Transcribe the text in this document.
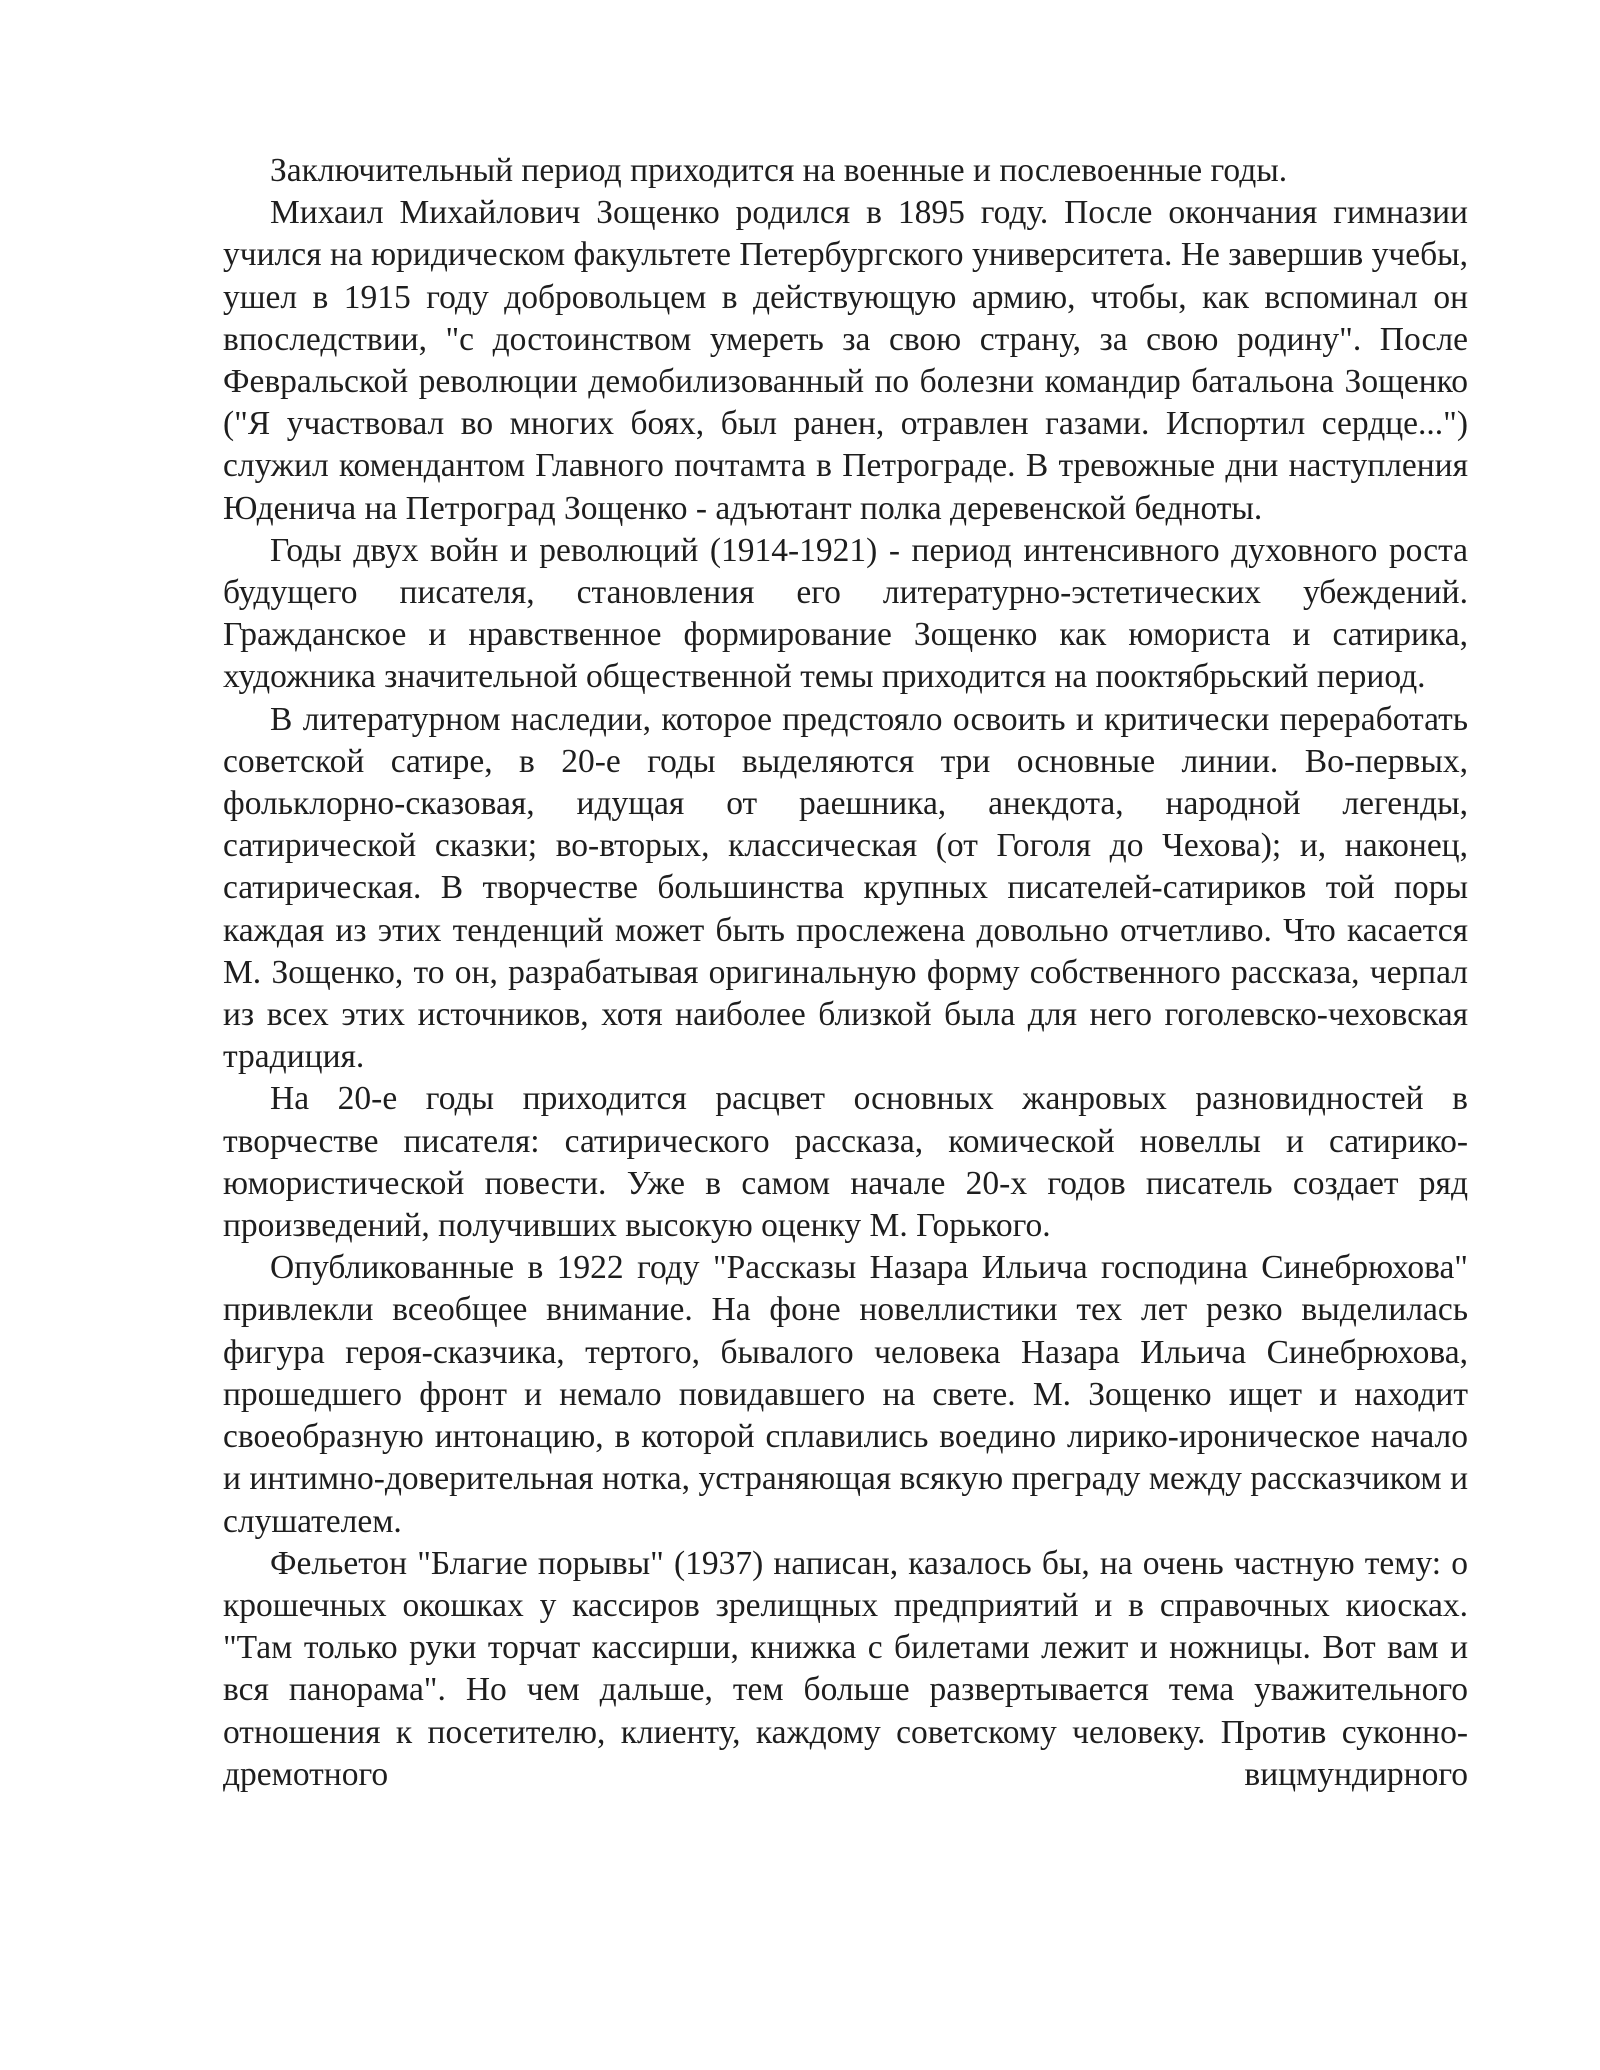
Заключительный период приходится на военные и послевоенные годы.

Михаил Михайлович Зощенко родился в 1895 году. После окончания гимназии учился на юридическом факультете Петербургского университета. Не завершив учебы, ушел в 1915 году добровольцем в действующую армию, чтобы, как вспоминал он впоследствии, "с достоинством умереть за свою страну, за свою родину". После Февральской революции демобилизованный по болезни командир батальона Зощенко ("Я участвовал во многих боях, был ранен, отравлен газами. Испортил сердце...") служил комендантом Главного почтамта в Петрограде. В тревожные дни наступления Юденича на Петроград Зощенко - адъютант полка деревенской бедноты.

Годы двух войн и революций (1914-1921) - период интенсивного духовного роста будущего писателя, становления его литературно-эстетических убеждений. Гражданское и нравственное формирование Зощенко как юмориста и сатирика, художника значительной общественной темы приходится на пооктябрьский период.

В литературном наследии, которое предстояло освоить и критически переработать советской сатире, в 20-е годы выделяются три основные линии. Во-первых, фольклорно-сказовая, идущая от раешника, анекдота, народной легенды, сатирической сказки; во-вторых, классическая (от Гоголя до Чехова); и, наконец, сатирическая. В творчестве большинства крупных писателей-сатириков той поры каждая из этих тенденций может быть прослежена довольно отчетливо. Что касается М. Зощенко, то он, разрабатывая оригинальную форму собственного рассказа, черпал из всех этих источников, хотя наиболее близкой была для него гоголевско-чеховская традиция.

На 20-е годы приходится расцвет основных жанровых разновидностей в творчестве писателя: сатирического рассказа, комической новеллы и сатирико-юмористической повести. Уже в самом начале 20-х годов писатель создает ряд произведений, получивших высокую оценку М. Горького.

Опубликованные в 1922 году "Рассказы Назара Ильича господина Синебрюхова" привлекли всеобщее внимание. На фоне новеллистики тех лет резко выделилась фигура героя-сказчика, тертого, бывалого человека Назара Ильича Синебрюхова, прошедшего фронт и немало повидавшего на свете. М. Зощенко ищет и находит своеобразную интонацию, в которой сплавились воедино лирико-ироническое начало и интимно-доверительная нотка, устраняющая всякую преграду между рассказчиком и слушателем.

Фельетон "Благие порывы" (1937) написан, казалось бы, на очень частную тему: о крошечных окошках у кассиров зрелищных предприятий и в справочных киосках. "Там только руки торчат кассирши, книжка с билетами лежит и ножницы. Вот вам и вся панорама". Но чем дальше, тем больше развертывается тема уважительного отношения к посетителю, клиенту, каждому советскому человеку. Против суконно-дремотного вицмундирного
